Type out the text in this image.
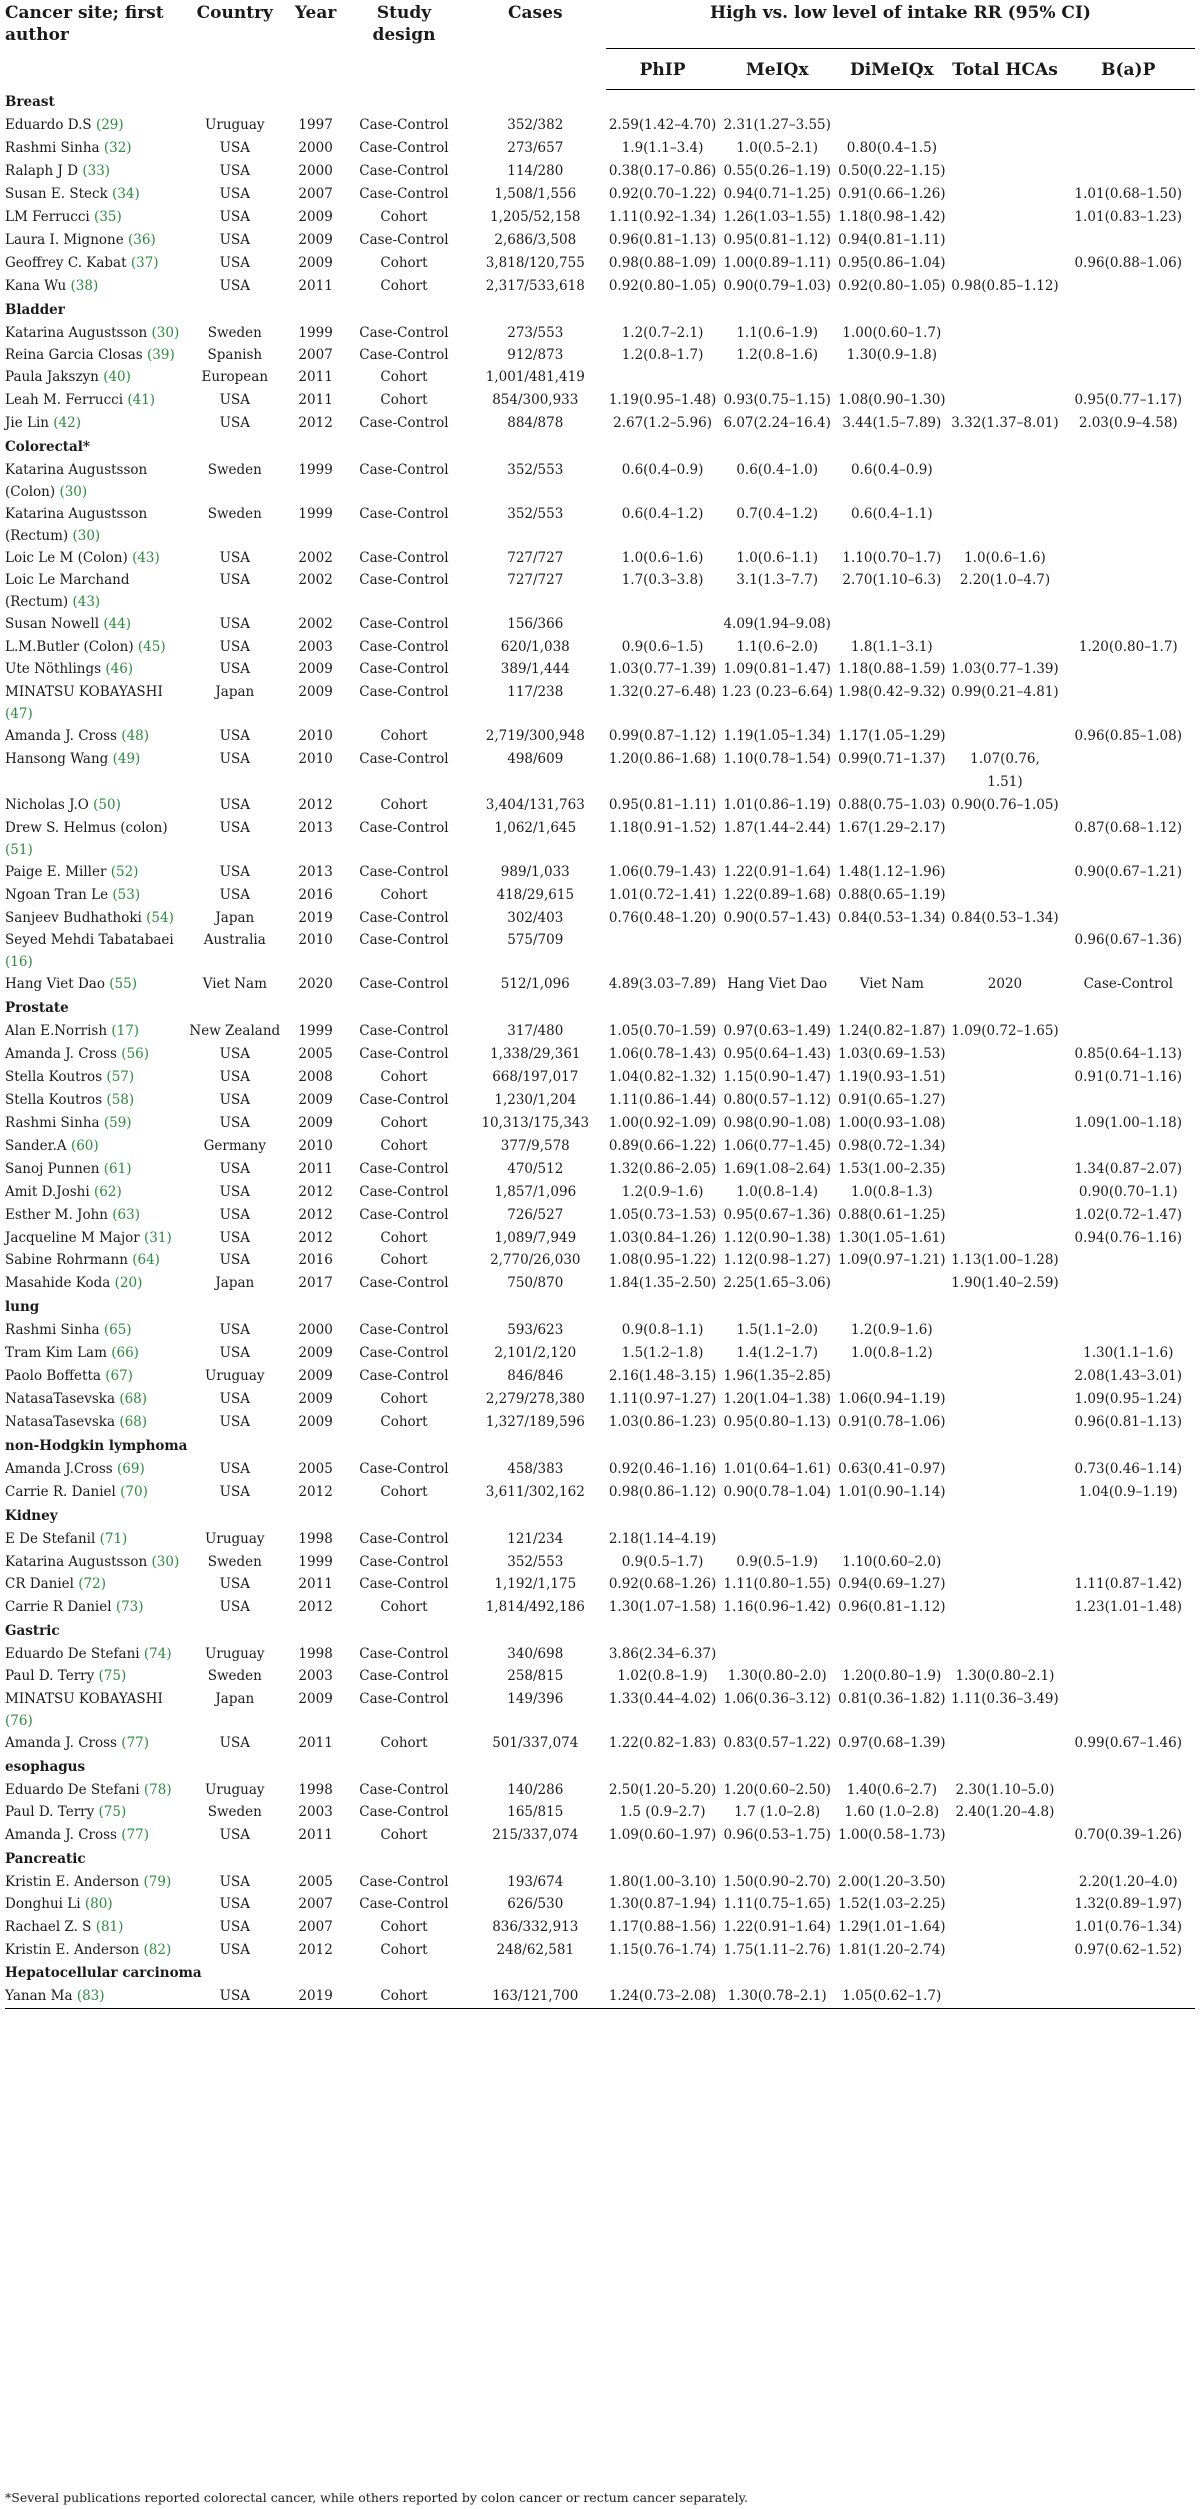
Cancer site; first author	Country	Year	Study design	Cases	High vs. low level of intake RR (95% CI)				
					PhIP	MeIQx	DiMeIQx	Total HCAs	B(a)P
Breast									
Eduardo D.S (29)	Uruguay	1997	Case-Control	352/382	2.59(1.42–4.70)	2.31(1.27–3.55)			
Rashmi Sinha (32)	USA	2000	Case-Control	273/657	1.9(1.1–3.4)	1.0(0.5–2.1)	0.80(0.4–1.5)		
Ralaph J D (33)	USA	2000	Case-Control	114/280	0.38(0.17–0.86)	0.55(0.26–1.19)	0.50(0.22–1.15)		
Susan E. Steck (34)	USA	2007	Case-Control	1,508/1,556	0.92(0.70–1.22)	0.94(0.71–1.25)	0.91(0.66–1.26)		1.01(0.68–1.50)
LM Ferrucci (35)	USA	2009	Cohort	1,205/52,158	1.11(0.92–1.34)	1.26(1.03–1.55)	1.18(0.98–1.42)		1.01(0.83–1.23)
Laura I. Mignone (36)	USA	2009	Case-Control	2,686/3,508	0.96(0.81–1.13)	0.95(0.81–1.12)	0.94(0.81–1.11)		
Geoffrey C. Kabat (37)	USA	2009	Cohort	3,818/120,755	0.98(0.88–1.09)	1.00(0.89–1.11)	0.95(0.86–1.04)		0.96(0.88–1.06)
Kana Wu (38)	USA	2011	Cohort	2,317/533,618	0.92(0.80–1.05)	0.90(0.79–1.03)	0.92(0.80–1.05)	0.98(0.85–1.12)	
Bladder									
Katarina Augustsson (30)	Sweden	1999	Case-Control	273/553	1.2(0.7–2.1)	1.1(0.6–1.9)	1.00(0.60–1.7)		
Reina Garcia Closas (39)	Spanish	2007	Case-Control	912/873	1.2(0.8–1.7)	1.2(0.8–1.6)	1.30(0.9–1.8)		
Paula Jakszyn (40)	European	2011	Cohort	1,001/481,419					
Leah M. Ferrucci (41)	USA	2011	Cohort	854/300,933	1.19(0.95–1.48)	0.93(0.75–1.15)	1.08(0.90–1.30)		0.95(0.77–1.17)
Jie Lin (42)	USA	2012	Case-Control	884/878	2.67(1.2–5.96)	6.07(2.24–16.4)	3.44(1.5–7.89)	3.32(1.37–8.01)	2.03(0.9–4.58)
Colorectal*									
Katarina Augustsson (Colon) (30)	Sweden	1999	Case-Control	352/553	0.6(0.4–0.9)	0.6(0.4–1.0)	0.6(0.4–0.9)		
Katarina Augustsson (Rectum) (30)	Sweden	1999	Case-Control	352/553	0.6(0.4–1.2)	0.7(0.4–1.2)	0.6(0.4–1.1)		
Loic Le M (Colon) (43)	USA	2002	Case-Control	727/727	1.0(0.6–1.6)	1.0(0.6–1.1)	1.10(0.70–1.7)	1.0(0.6–1.6)	
Loic Le Marchand (Rectum) (43)	USA	2002	Case-Control	727/727	1.7(0.3–3.8)	3.1(1.3–7.7)	2.70(1.10–6.3)	2.20(1.0–4.7)	
Susan Nowell (44)	USA	2002	Case-Control	156/366		4.09(1.94–9.08)			
L.M.Butler (Colon) (45)	USA	2003	Case-Control	620/1,038	0.9(0.6–1.5)	1.1(0.6–2.0)	1.8(1.1–3.1)		1.20(0.80–1.7)
Ute Nöthlings (46)	USA	2009	Case-Control	389/1,444	1.03(0.77–1.39)	1.09(0.81–1.47)	1.18(0.88–1.59)	1.03(0.77–1.39)	
MINATSU KOBAYASHI (47)	Japan	2009	Case-Control	117/238	1.32(0.27–6.48)	1.23 (0.23–6.64)	1.98(0.42–9.32)	0.99(0.21–4.81)	
Amanda J. Cross (48)	USA	2010	Cohort	2,719/300,948	0.99(0.87–1.12)	1.19(1.05–1.34)	1.17(1.05–1.29)		0.96(0.85–1.08)
Hansong Wang (49)	USA	2010	Case-Control	498/609	1.20(0.86–1.68)	1.10(0.78–1.54)	0.99(0.71–1.37)	1.07(0.76, 1.51)	
Nicholas J.O (50)	USA	2012	Cohort	3,404/131,763	0.95(0.81–1.11)	1.01(0.86–1.19)	0.88(0.75–1.03)	0.90(0.76–1.05)	
Drew S. Helmus (colon) (51)	USA	2013	Case-Control	1,062/1,645	1.18(0.91–1.52)	1.87(1.44–2.44)	1.67(1.29–2.17)		0.87(0.68–1.12)
Paige E. Miller (52)	USA	2013	Case-Control	989/1,033	1.06(0.79–1.43)	1.22(0.91–1.64)	1.48(1.12–1.96)		0.90(0.67–1.21)
Ngoan Tran Le (53)	USA	2016	Cohort	418/29,615	1.01(0.72–1.41)	1.22(0.89–1.68)	0.88(0.65–1.19)		
Sanjeev Budhathoki (54)	Japan	2019	Case-Control	302/403	0.76(0.48–1.20)	0.90(0.57–1.43)	0.84(0.53–1.34)	0.84(0.53–1.34)	
Seyed Mehdi Tabatabaei (16)	Australia	2010	Case-Control	575/709					0.96(0.67–1.36)
Hang Viet Dao (55)	Viet Nam	2020	Case-Control	512/1,096	4.89(3.03–7.89)	Hang Viet Dao	Viet Nam	2020	Case-Control
Prostate									
Alan E.Norrish (17)	New Zealand	1999	Case-Control	317/480	1.05(0.70–1.59)	0.97(0.63–1.49)	1.24(0.82–1.87)	1.09(0.72–1.65)	
Amanda J. Cross (56)	USA	2005	Case-Control	1,338/29,361	1.06(0.78–1.43)	0.95(0.64–1.43)	1.03(0.69–1.53)		0.85(0.64–1.13)
Stella Koutros (57)	USA	2008	Cohort	668/197,017	1.04(0.82–1.32)	1.15(0.90–1.47)	1.19(0.93–1.51)		0.91(0.71–1.16)
Stella Koutros (58)	USA	2009	Case-Control	1,230/1,204	1.11(0.86–1.44)	0.80(0.57–1.12)	0.91(0.65–1.27)		
Rashmi Sinha (59)	USA	2009	Cohort	10,313/175,343	1.00(0.92–1.09)	0.98(0.90–1.08)	1.00(0.93–1.08)		1.09(1.00–1.18)
Sander.A (60)	Germany	2010	Cohort	377/9,578	0.89(0.66–1.22)	1.06(0.77–1.45)	0.98(0.72–1.34)		
Sanoj Punnen (61)	USA	2011	Case-Control	470/512	1.32(0.86–2.05)	1.69(1.08–2.64)	1.53(1.00–2.35)		1.34(0.87–2.07)
Amit D.Joshi (62)	USA	2012	Case-Control	1,857/1,096	1.2(0.9–1.6)	1.0(0.8–1.4)	1.0(0.8–1.3)		0.90(0.70–1.1)
Esther M. John (63)	USA	2012	Case-Control	726/527	1.05(0.73–1.53)	0.95(0.67–1.36)	0.88(0.61–1.25)		1.02(0.72–1.47)
Jacqueline M Major (31)	USA	2012	Cohort	1,089/7,949	1.03(0.84–1.26)	1.12(0.90–1.38)	1.30(1.05–1.61)		0.94(0.76–1.16)
Sabine Rohrmann (64)	USA	2016	Cohort	2,770/26,030	1.08(0.95–1.22)	1.12(0.98–1.27)	1.09(0.97–1.21)	1.13(1.00–1.28)	
Masahide Koda (20)	Japan	2017	Case-Control	750/870	1.84(1.35–2.50)	2.25(1.65–3.06)		1.90(1.40–2.59)	
lung									
Rashmi Sinha (65)	USA	2000	Case-Control	593/623	0.9(0.8–1.1)	1.5(1.1–2.0)	1.2(0.9–1.6)		
Tram Kim Lam (66)	USA	2009	Case-Control	2,101/2,120	1.5(1.2–1.8)	1.4(1.2–1.7)	1.0(0.8–1.2)		1.30(1.1–1.6)
Paolo Boffetta (67)	Uruguay	2009	Case-Control	846/846	2.16(1.48–3.15)	1.96(1.35–2.85)			2.08(1.43–3.01)
NatasaTasevska (68)	USA	2009	Cohort	2,279/278,380	1.11(0.97–1.27)	1.20(1.04–1.38)	1.06(0.94–1.19)		1.09(0.95–1.24)
NatasaTasevska (68)	USA	2009	Cohort	1,327/189,596	1.03(0.86–1.23)	0.95(0.80–1.13)	0.91(0.78–1.06)		0.96(0.81–1.13)
non-Hodgkin lymphoma									
Amanda J.Cross (69)	USA	2005	Case-Control	458/383	0.92(0.46–1.16)	1.01(0.64–1.61)	0.63(0.41–0.97)		0.73(0.46–1.14)
Carrie R. Daniel (70)	USA	2012	Cohort	3,611/302,162	0.98(0.86–1.12)	0.90(0.78–1.04)	1.01(0.90–1.14)		1.04(0.9–1.19)
Kidney									
E De Stefanil (71)	Uruguay	1998	Case-Control	121/234	2.18(1.14–4.19)				
Katarina Augustsson (30)	Sweden	1999	Case-Control	352/553	0.9(0.5–1.7)	0.9(0.5–1.9)	1.10(0.60–2.0)		
CR Daniel (72)	USA	2011	Case-Control	1,192/1,175	0.92(0.68–1.26)	1.11(0.80–1.55)	0.94(0.69–1.27)		1.11(0.87–1.42)
Carrie R Daniel (73)	USA	2012	Cohort	1,814/492,186	1.30(1.07–1.58)	1.16(0.96–1.42)	0.96(0.81–1.12)		1.23(1.01–1.48)
Gastric									
Eduardo De Stefani (74)	Uruguay	1998	Case-Control	340/698	3.86(2.34–6.37)				
Paul D. Terry (75)	Sweden	2003	Case-Control	258/815	1.02(0.8–1.9)	1.30(0.80–2.0)	1.20(0.80–1.9)	1.30(0.80–2.1)	
MINATSU KOBAYASHI (76)	Japan	2009	Case-Control	149/396	1.33(0.44–4.02)	1.06(0.36–3.12)	0.81(0.36–1.82)	1.11(0.36–3.49)	
Amanda J. Cross (77)	USA	2011	Cohort	501/337,074	1.22(0.82–1.83)	0.83(0.57–1.22)	0.97(0.68–1.39)		0.99(0.67–1.46)
esophagus									
Eduardo De Stefani (78)	Uruguay	1998	Case-Control	140/286	2.50(1.20–5.20)	1.20(0.60–2.50)	1.40(0.6–2.7)	2.30(1.10–5.0)	
Paul D. Terry (75)	Sweden	2003	Case-Control	165/815	1.5 (0.9–2.7)	1.7 (1.0–2.8)	1.60 (1.0–2.8)	2.40(1.20–4.8)	
Amanda J. Cross (77)	USA	2011	Cohort	215/337,074	1.09(0.60–1.97)	0.96(0.53–1.75)	1.00(0.58–1.73)		0.70(0.39–1.26)
Pancreatic									
Kristin E. Anderson (79)	USA	2005	Case-Control	193/674	1.80(1.00–3.10)	1.50(0.90–2.70)	2.00(1.20–3.50)		2.20(1.20–4.0)
Donghui Li (80)	USA	2007	Case-Control	626/530	1.30(0.87–1.94)	1.11(0.75–1.65)	1.52(1.03–2.25)		1.32(0.89–1.97)
Rachael Z. S (81)	USA	2007	Cohort	836/332,913	1.17(0.88–1.56)	1.22(0.91–1.64)	1.29(1.01–1.64)		1.01(0.76–1.34)
Kristin E. Anderson (82)	USA	2012	Cohort	248/62,581	1.15(0.76–1.74)	1.75(1.11–2.76)	1.81(1.20–2.74)		0.97(0.62–1.52)
Hepatocellular carcinoma									
Yanan Ma (83)	USA	2019	Cohort	163/121,700	1.24(0.73–2.08)	1.30(0.78–2.1)	1.05(0.62–1.7)		
*Several publications reported colorectal cancer, while others reported by colon cancer or rectum cancer separately.
